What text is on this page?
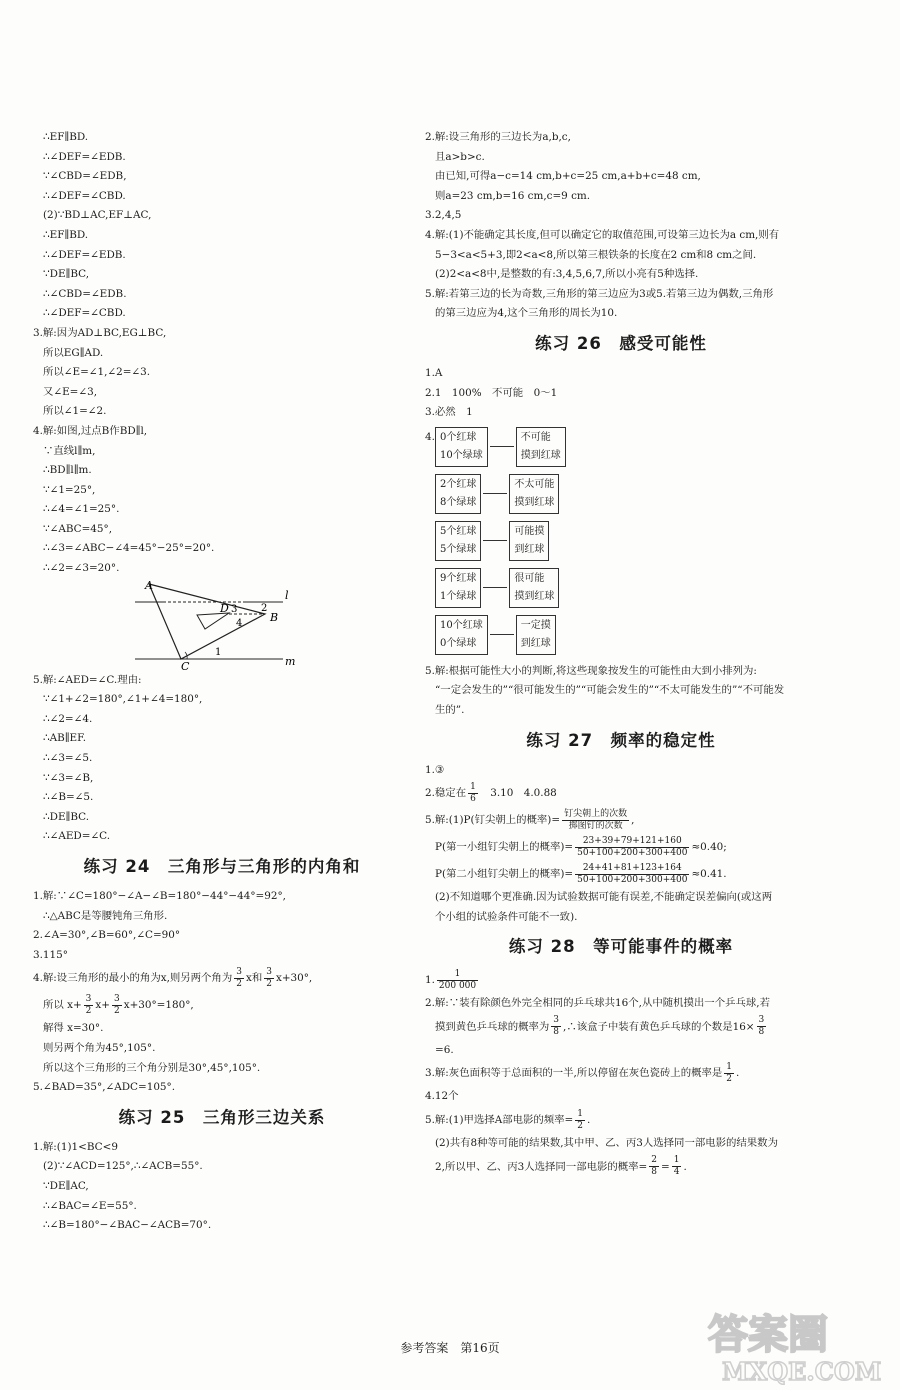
∴EF∥BD.
∴∠DEF=∠EDB.
∵∠CBD=∠EDB,
∴∠DEF=∠CBD.
(2)∵BD⊥AC,EF⊥AC,
∴EF∥BD.
∴∠DEF=∠EDB.
∵DE∥BC,
∴∠CBD=∠EDB.
∴∠DEF=∠CBD.
3.解:因为AD⊥BC,EG⊥BC,
所以EG∥AD.
所以∠E=∠1,∠2=∠3.
又∠E=∠3,
所以∠1=∠2.
4.解:如图,过点B作BD∥l,
∵直线l∥m,
∴BD∥l∥m.
∵∠1=25°,
∴∠4=∠1=25°.
∵∠ABC=45°,
∴∠3=∠ABC−∠4=45°−25°=20°.
∴∠2=∠3=20°.
A
D 3 2
4	B
1
C
l
m
5.解:∠AED=∠C.理由:
∵∠1+∠2=180°,∠1+∠4=180°,
∴∠2=∠4.
∴AB∥EF.
∴∠3=∠5.
∵∠3=∠B,
∴∠B=∠5.
∴DE∥BC.
∴∠AED=∠C.
练习 24　三角形与三角形的内角和
1.解:∵∠C=180°−∠A−∠B=180°−44°−44°=92°,
∴△ABC是等腰钝角三角形.
2.∠A=30°,∠B=60°,∠C=90°
3.115°
4.解:设三角形的最小的角为x,则另两个角为 $\frac{3}{2}$ x和 $\frac{3}{2} x+30^\circ$,
所以 $x+ \frac{3}{2} x+ \frac{3}{2} x+30^\circ=180^\circ$,
解得 x=30°.
则另两个角为45°,105°.
所以这个三角形的三个角分别是30°,45°,105°.
5.∠BAD=35°,∠ADC=105°.
练习 25　三角形三边关系
1.解:(1)1<BC<9
(2)∵∠ACD=125°,∴∠ACB=55°.
∵DE∥AC,
∴∠BAC=∠E=55°.
∴∠B=180°−∠BAC−∠ACB=70°.
2.解:设三角形的三边长为a,b,c,
且a>b>c.
由已知,可得a−c=14 cm,b+c=25 cm,a+b+c=48 cm,
则a=23 cm,b=16 cm,c=9 cm.
3.2,4,5
4.解:(1)不能确定其长度,但可以确定它的取值范围,可设第三边长为a cm,则有
5−3<a<5+3,即2<a<8,所以第三根铁条的长度在2 cm和8 cm之间.
(2)2<a<8中,是整数的有:3,4,5,6,7,所以小亮有5种选择.
5.解:若第三边的长为奇数,三角形的第三边应为3或5.若第三边为偶数,三角形
的第三边应为4,这个三角形的周长为10.
练习 26　感受可能性
1.A
2.1　100%　不可能　0～1
3.必然　1
4. 0个红球
10个绿球
不可能
摸到红球
2个红球
8个绿球
不太可能
摸到红球
5个红球
5个绿球
可能摸
到红球
9个红球
1个绿球
很可能
摸到红球
10个红球
0个绿球
一定摸
到红球
5.解:根据可能性大小的判断,将这些现象按发生的可能性由大到小排列为:
“一定会发生的”“很可能发生的”“可能会发生的”“不太可能发生的”“不可能发
生的”.
练习 27　频率的稳定性
1.③
2.稳定在 $\frac{1}{6}$ 　3.10　4.0.88
5.解:(1)P(钉尖朝上的概率)= $\frac{\text{钉尖朝上的次数}}{\text{掷图钉的次数}}$ ,
P(第一小组钉尖朝上的概率)= $\frac{23+39+79+121+160}{50+100+200+300+400} \approx 0.40$;
P(第二小组钉尖朝上的概率)= $\frac{24+41+81+123+164}{50+100+200+300+400} \approx 0.41$.
(2)不知道哪个更准确.因为试验数据可能有误差,不能确定误差偏向(或这两
个小组的试验条件可能不一致).
练习 28　等可能事件的概率
1. $\frac{1}{200 000}$
2.解:∵装有除颜色外完全相同的乒乓球共16个,从中随机摸出一个乒乓球,若
摸到黄色乒乓球的概率为 $\frac{3}{8}$ ,∴该盒子中装有黄色乒乓球的个数是$16\times \frac{3}{8}$
=6.
3.解:灰色面积等于总面积的一半,所以停留在灰色瓷砖上的概率是 $\frac{1}{2}$ .
4.12个
5.解:(1)甲选择A部电影的频率= $\frac{1}{2}$ .
(2)共有8种等可能的结果数,其中甲、乙、丙3人选择同一部电影的结果数为
2,所以甲、乙、丙3人选择同一部电影的概率= $\frac{2}{8} = \frac{1}{4}$ .
参考答案　第16页	答案圈
MXQE.COM
